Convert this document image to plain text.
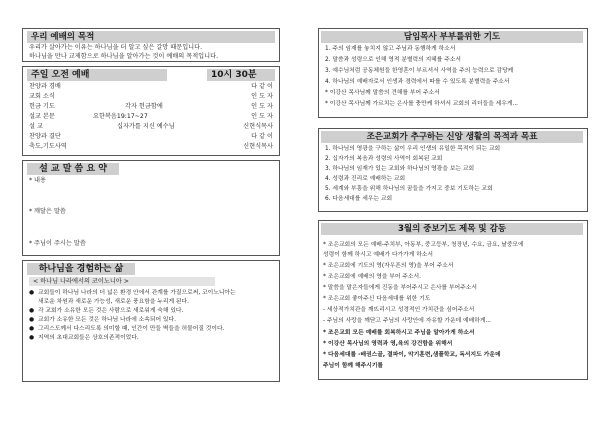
우리 예배의 목적
우리가 살아가는 이유는 하나님을 더 알고 싶은 갈망 때문입니다.
하나님을 만나 교제함으로 하나님을 알아가는 것이 예배의 목적입니다.
주일 오전 예배	10시 30분
찬양과 경배	다 같 이
교회 소식	인 도 자
헌금 기도	각자 헌금함에	인 도 자
설교 본문	요한복음19:17~27	인 도 자
설 교	십자가를 지신 예수님	신현식목사
찬양과 결단	다 같 이
축도,기도사역	신현식목사
설 교 말 씀 요 약
* 내용
* 깨달은 말씀
* 주님이 주시는 말씀
하나님을 경험하는 삶
< 하나님 나라에서의 코이노니아 >
● 교회들이 하나님 나라의 더 넓은 환경 안에서 관계를 가질으로써, 코이노니아는
새로운 차원과 새로운 가능성, 새로운 풍요함을 누리게 된다.
● 각 교회가 소유한 모든 것은 사람으로 새로워게 숙해 있다.
● 교회가 소유한 모든 것은 하나님 나라에 소속되어 있다.
● 그리스도께서 다스리도록 의미할 때, 인간이 만들 벽들을 허물어질 것이다.
● 지역의 초대교회들은 상호의존적이었다.
담임목사 부부를위한 기도
1. 주의 임재를 놓치지 않고 주님과 동행하게 하소서
2. 말씀과 성령으로 인해 영적 분별력의 지혜를 주소서
3. 예수님처럼 공동체원들 한영혼이 부르셔서 사역을 주의 능력으로 감당케
4. 하나님의 예배자로서 인생과 경력에서 따를 수 있도록 분별력을 주소서
* 이강산 목사님께 말씀의 견해를 부어 주소서
* 이강산 목사님께 가르치는 은사를 충만케 하셔서 교회의 리더들을 세우게...
조은교회가 추구하는 신앙 생활의 목적과 목표
1. 하나님의 영광을 구하는 삶이 우리 인생의 유일한 목적이 되는 교회
2. 십자가의 복음과 성령의 사역이 회복된 교회
3. 하나님의 임재가 있는 교회와 하나님의 영광을 보는 교회
4. 성령과 진리로 예배하는 교회
5. 세계와 부흥을 위해 하나님의 꿈들을 가지고 중보 기도하는 교회
6. 다음세대를 세우는 교회
3월의 중보기도 제목 및 감동
* 조은교회의 모든 예배-주치부, 아동부, 중고등부, 청장년, 수요, 금요, 날중모에
성령이 함께 하시고 예배가 다가가게 하소서
* 조은교회에 기도의 영(자우픈의 영)을 부어 주소서
* 조은교회에 예배의 영을 부어 주소서.
* 말씀을 말은자들에게 진동을 부어주시고 은사를 부어주소서
* 조은교회 좋아주신 다음세대를 위한 기도
- 세상적가치관을 깨뜨리시고 성경적인 가치관을 심어주소서
- 주님의 사랑을 깨닫고 주님의 사랑안에 자유할 가운데 예배하게...
* 조은교회 모든 예배를 회복하시고 주님을 알아가게 하소서
* 이강산 목사님의 영력과 영,육의 강건함을 위해서
* 다음세대를 -배권스골, 결파이, 악기훈련,샘플학교, 독서지도 가운데
주님이 함께 해주시기를
